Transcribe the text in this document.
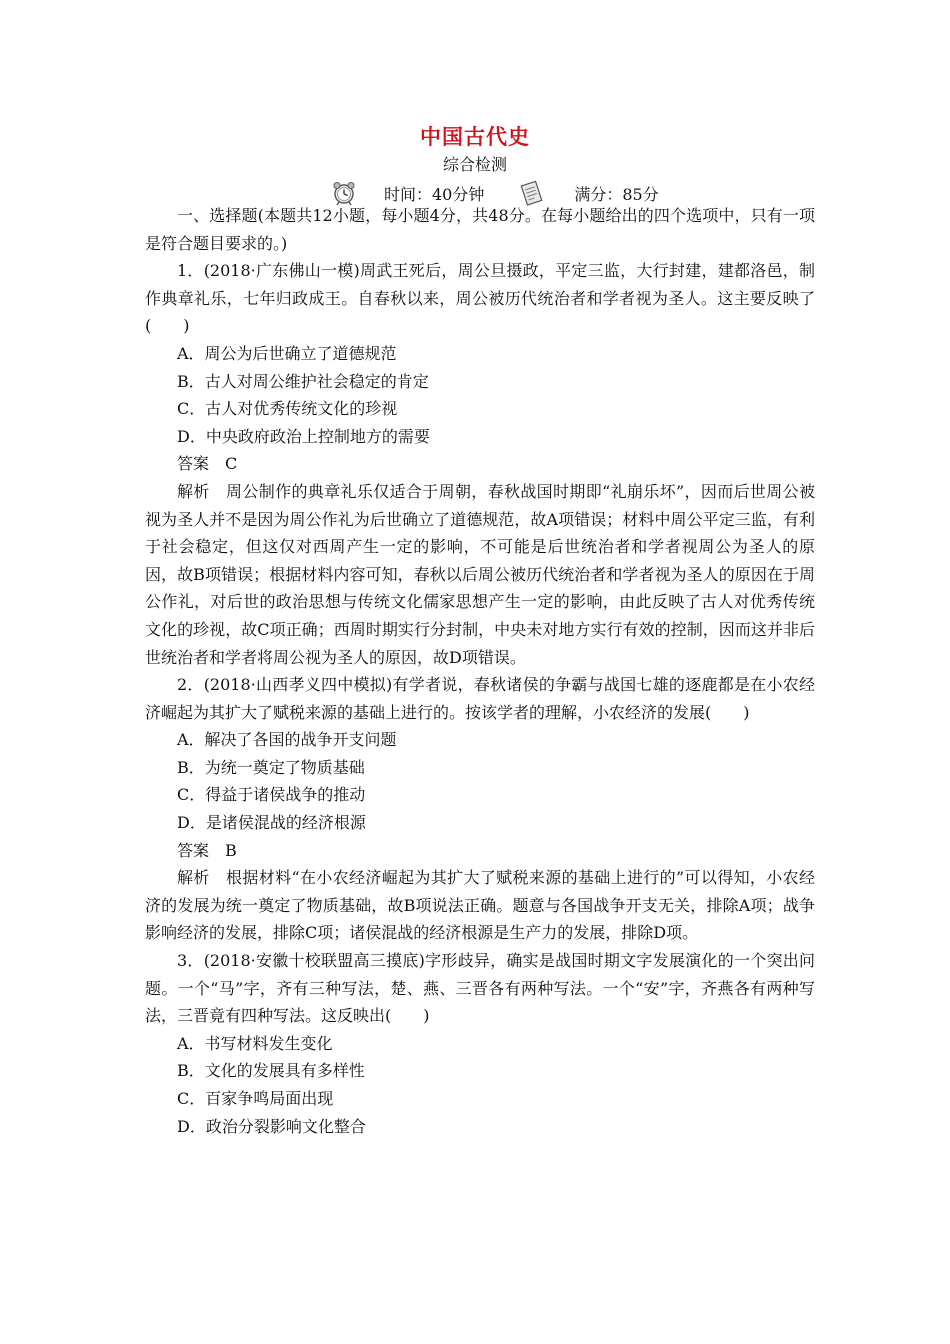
中国古代史
综合检测
时间：40分钟	满分：85分

一、选择题(本题共12小题，每小题4分，共48分。在每小题给出的四个选项中，只有一项是符合题目要求的。)

1．(2018·广东佛山一模)周武王死后，周公旦摄政，平定三监，大行封建，建都洛邑，制作典章礼乐，七年归政成王。自春秋以来，周公被历代统治者和学者视为圣人。这主要反映了(　　)

A．周公为后世确立了道德规范

B．古人对周公维护社会稳定的肯定

C．古人对优秀传统文化的珍视

D．中央政府政治上控制地方的需要

答案　C

解析　周公制作的典章礼乐仅适合于周朝，春秋战国时期即“礼崩乐坏”，因而后世周公被视为圣人并不是因为周公作礼为后世确立了道德规范，故A项错误；材料中周公平定三监，有利于社会稳定，但这仅对西周产生一定的影响，不可能是后世统治者和学者视周公为圣人的原因，故B项错误；根据材料内容可知，春秋以后周公被历代统治者和学者视为圣人的原因在于周公作礼，对后世的政治思想与传统文化儒家思想产生一定的影响，由此反映了古人对优秀传统文化的珍视，故C项正确；西周时期实行分封制，中央未对地方实行有效的控制，因而这并非后世统治者和学者将周公视为圣人的原因，故D项错误。

2．(2018·山西孝义四中模拟)有学者说，春秋诸侯的争霸与战国七雄的逐鹿都是在小农经济崛起为其扩大了赋税来源的基础上进行的。按该学者的理解，小农经济的发展(　　)

A．解决了各国的战争开支问题

B．为统一奠定了物质基础

C．得益于诸侯战争的推动

D．是诸侯混战的经济根源

答案　B

解析　根据材料“在小农经济崛起为其扩大了赋税来源的基础上进行的”可以得知，小农经济的发展为统一奠定了物质基础，故B项说法正确。题意与各国战争开支无关，排除A项；战争影响经济的发展，排除C项；诸侯混战的经济根源是生产力的发展，排除D项。

3．(2018·安徽十校联盟高三摸底)字形歧异，确实是战国时期文字发展演化的一个突出问题。一个“马”字，齐有三种写法，楚、燕、三晋各有两种写法。一个“安”字，齐燕各有两种写法，三晋竟有四种写法。这反映出(　　)

A．书写材料发生变化

B．文化的发展具有多样性

C．百家争鸣局面出现

D．政治分裂影响文化整合
